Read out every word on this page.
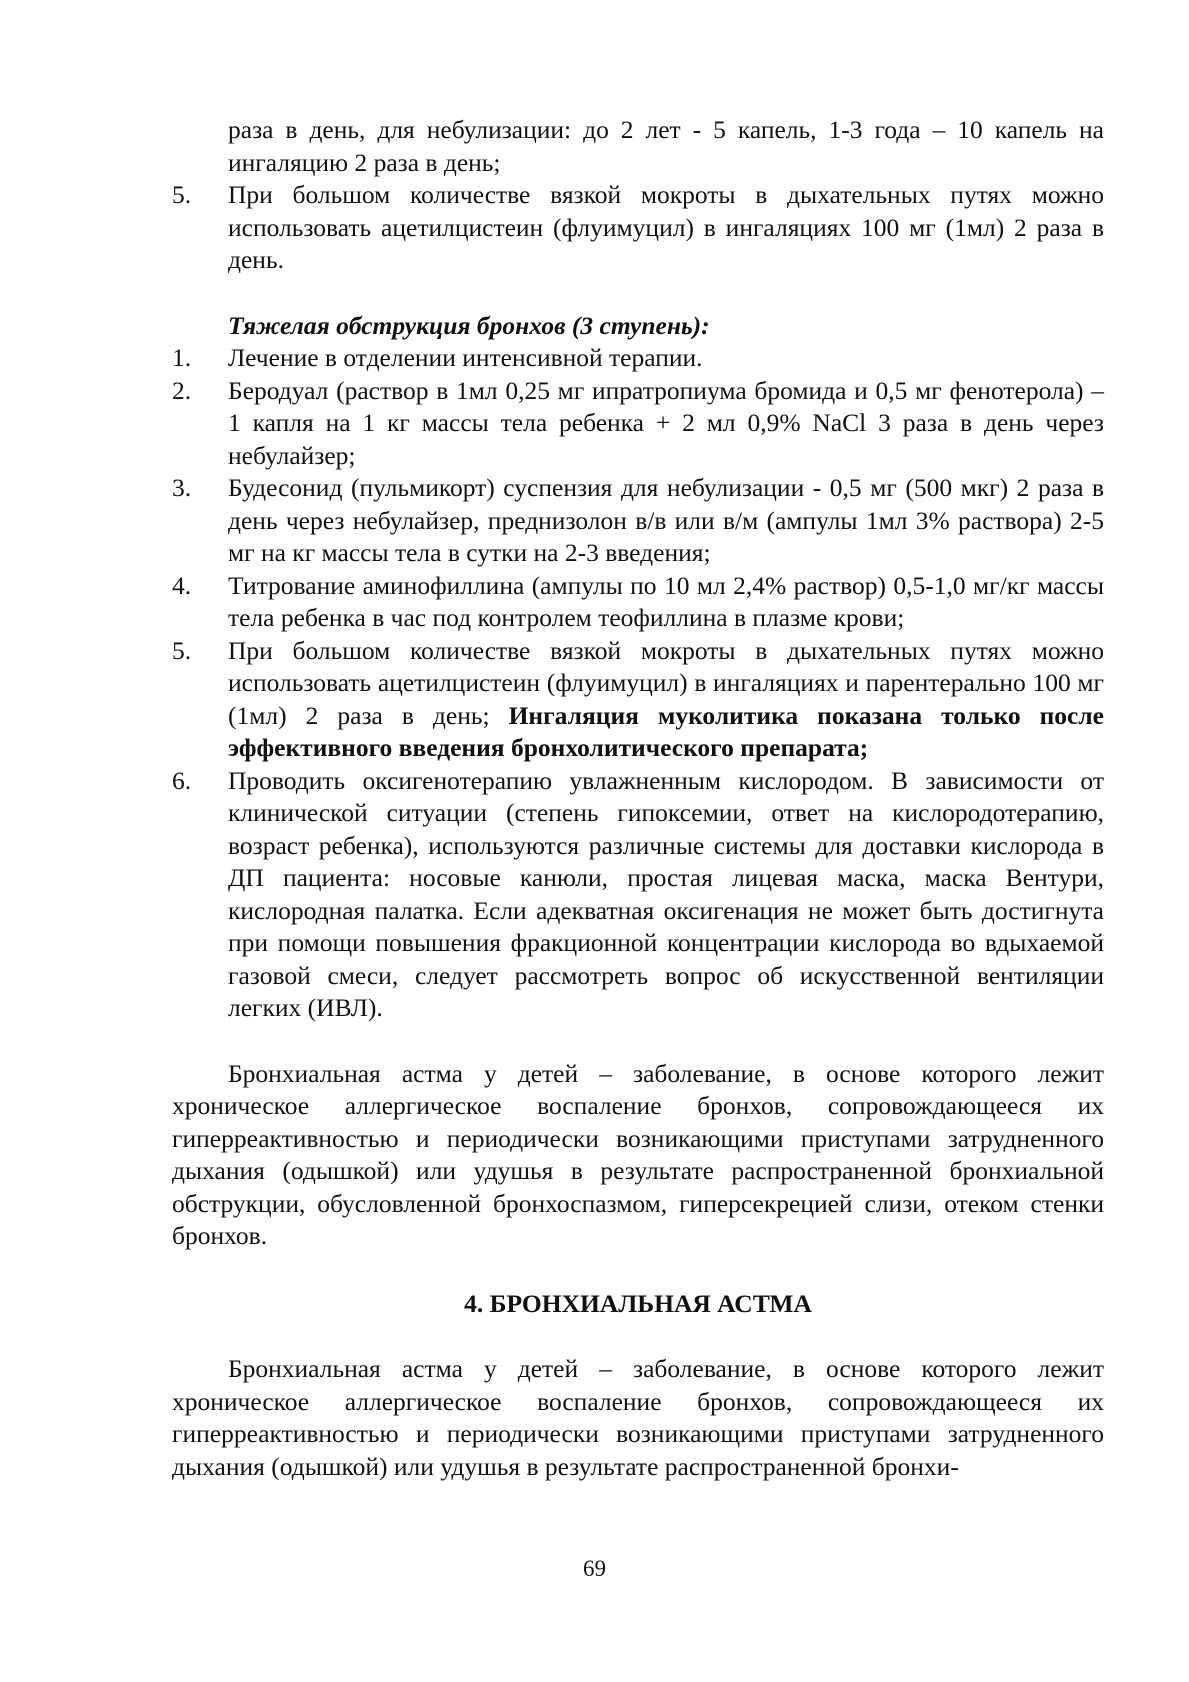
раза в день, для небулизации: до 2 лет - 5 капель, 1-3 года – 10 капель на ингаляцию 2 раза в день;
5. При большом количестве вязкой мокроты в дыхательных путях можно использовать ацетилцистеин (флуимуцил) в ингаляциях 100 мг (1мл) 2 раза в день.
Тяжелая обструкция бронхов (3 ступень):
1. Лечение в отделении интенсивной терапии.
2. Беродуал (раствор в 1мл 0,25 мг ипратропиума бромида и 0,5 мг фенотерола) – 1 капля на 1 кг массы тела ребенка + 2 мл 0,9% NaCl 3 раза в день через небулайзер;
3. Будесонид (пульмикорт) суспензия для небулизации - 0,5 мг (500 мкг) 2 раза в день через небулайзер, преднизолон в/в или в/м (ампулы 1мл 3% раствора) 2-5 мг на кг массы тела в сутки на 2-3 введения;
4. Титрование аминофиллина (ампулы по 10 мл 2,4% раствор) 0,5-1,0 мг/кг массы тела ребенка в час под контролем теофиллина в плазме крови;
5. При большом количестве вязкой мокроты в дыхательных путях можно использовать ацетилцистеин (флуимуцил) в ингаляциях и парентерально 100 мг (1мл) 2 раза в день; Ингаляция муколитика показана только после эффективного введения бронхолитического препарата;
6. Проводить оксигенотерапию увлажненным кислородом. В зависимости от клинической ситуации (степень гипоксемии, ответ на кислородотерапию, возраст ребенка), используются различные системы для доставки кислорода в ДП пациента: носовые канюли, простая лицевая маска, маска Вентури, кислородная палатка. Если адекватная оксигенация не может быть достигнута при помощи повышения фракционной концентрации кислорода во вдыхаемой газовой смеси, следует рассмотреть вопрос об искусственной вентиляции легких (ИВЛ).
Бронхиальная астма у детей – заболевание, в основе которого лежит хроническое аллергическое воспаление бронхов, сопровождающееся их гиперреактивностью и периодически возникающими приступами затрудненного дыхания (одышкой) или удушья в результате распространенной бронхиальной обструкции, обусловленной бронхоспазмом, гиперсекрецией слизи, отеком стенки бронхов.
4. БРОНХИАЛЬНАЯ АСТМА
Бронхиальная астма у детей – заболевание, в основе которого лежит хроническое аллергическое воспаление бронхов, сопровождающееся их гиперреактивностью и периодически возникающими приступами затрудненного дыхания (одышкой) или удушья в результате распространенной бронхи-
69
